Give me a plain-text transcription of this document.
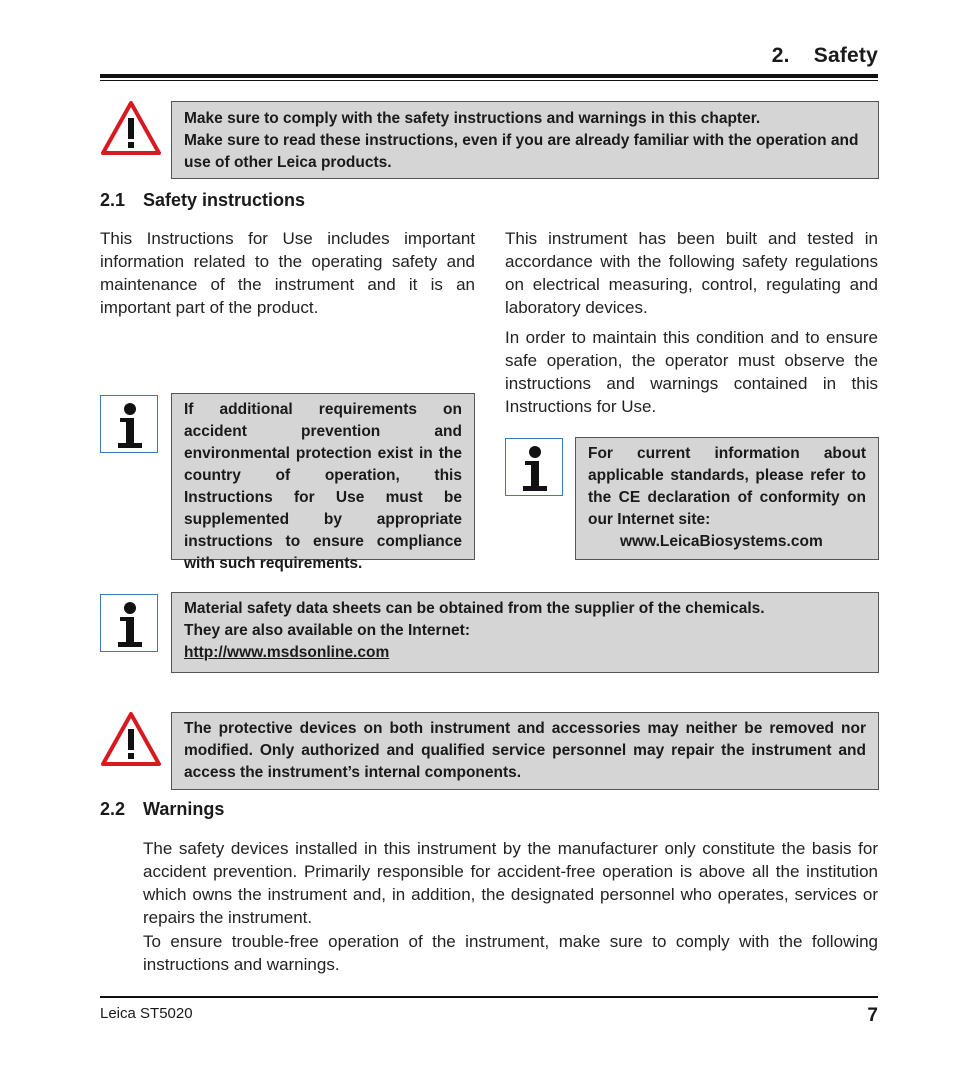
2.    Safety

Make sure to comply with the safety instructions and warnings in this chapter.

Make sure to read these instructions, even if you are already familiar with the operation and use of other Leica products.

2.1 Safety instructions

This Instructions for Use includes important information related to the operating safety and maintenance of the instrument and it is an important part of the product.

This instrument has been built and tested in accordance with the following safety regulations on electrical measuring, control, regulating and laboratory devices.

In order to maintain this condition and to ensure safe operation, the operator must observe the instructions and warnings contained in this Instructions for Use.

If additional requirements on accident prevention and environmental protection exist in the country of operation, this Instructions for Use must be supplemented by appropriate instructions to ensure compliance with such requirements.

For current information about applicable standards, please refer to the CE declaration of conformity on our Internet site:

www.LeicaBiosystems.com

Material safety data sheets can be obtained from the supplier of the chemicals.

They are also available on the Internet:

http://www.msdsonline.com

The protective devices on both instrument and accessories may neither be removed nor modified. Only authorized and qualified service personnel may repair the instrument and access the instrument’s internal components.

2.2 Warnings

The safety devices installed in this instrument by the manufacturer only constitute the basis for accident prevention. Primarily responsible for accident-free operation is above all the institution which owns the instrument and, in addition, the designated personnel who operates, services or repairs the instrument.

To ensure trouble-free operation of the instrument, make sure to comply with the following instructions and warnings.

Leica ST5020	7
